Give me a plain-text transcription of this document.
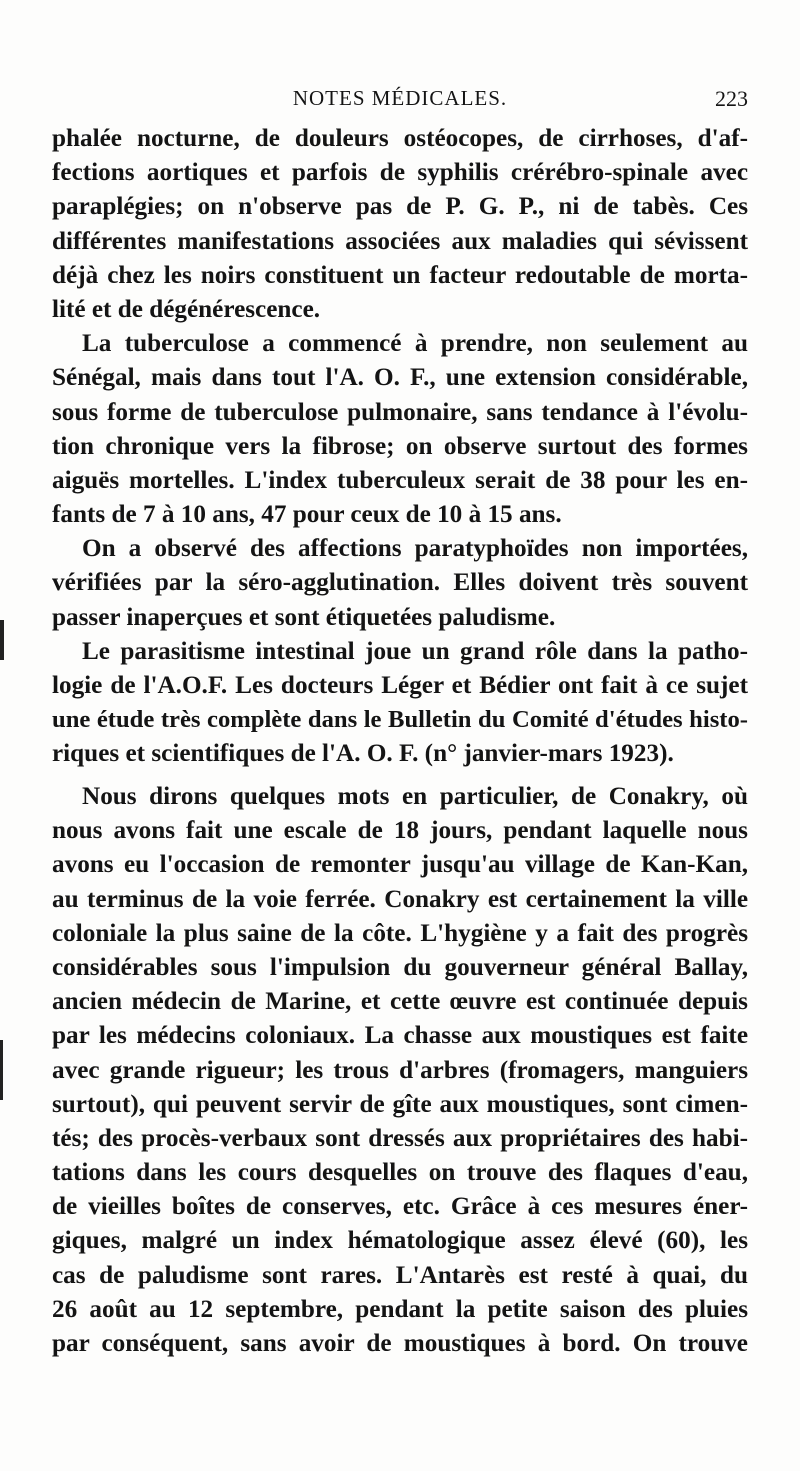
NOTES MÉDICALES.	223
phalée nocturne, de douleurs ostéocopes, de cirrhoses, d'af-
fections aortiques et parfois de syphilis crérébro-spinale avec
paraplégies; on n'observe pas de P. G. P., ni de tabès. Ces
différentes manifestations associées aux maladies qui sévissent
déjà chez les noirs constituent un facteur redoutable de morta-
lité et de dégénérescence.
La tuberculose a commencé à prendre, non seulement au
Sénégal, mais dans tout l'A. O. F., une extension considérable,
sous forme de tuberculose pulmonaire, sans tendance à l'évolu-
tion chronique vers la fibrose; on observe surtout des formes
aiguës mortelles. L'index tuberculeux serait de 38 pour les en-
fants de 7 à 10 ans, 47 pour ceux de 10 à 15 ans.
On a observé des affections paratyphoïdes non importées,
vérifiées par la séro-agglutination. Elles doivent très souvent
passer inaperçues et sont étiquetées paludisme.
Le parasitisme intestinal joue un grand rôle dans la patho-
logie de l'A.O.F. Les docteurs Léger et Bédier ont fait à ce sujet
une étude très complète dans le Bulletin du Comité d'études histo-
riques et scientifiques de l'A. O. F. (n° janvier-mars 1923).
Nous dirons quelques mots en particulier, de Conakry, où
nous avons fait une escale de 18 jours, pendant laquelle nous
avons eu l'occasion de remonter jusqu'au village de Kan-Kan,
au terminus de la voie ferrée. Conakry est certainement la ville
coloniale la plus saine de la côte. L'hygiène y a fait des progrès
considérables sous l'impulsion du gouverneur général Ballay,
ancien médecin de Marine, et cette œuvre est continuée depuis
par les médecins coloniaux. La chasse aux moustiques est faite
avec grande rigueur; les trous d'arbres (fromagers, manguiers
surtout), qui peuvent servir de gîte aux moustiques, sont cimen-
tés; des procès-verbaux sont dressés aux propriétaires des habi-
tations dans les cours desquelles on trouve des flaques d'eau,
de vieilles boîtes de conserves, etc. Grâce à ces mesures éner-
giques, malgré un index hématologique assez élevé (60), les
cas de paludisme sont rares. L'Antarès est resté à quai, du
26 août au 12 septembre, pendant la petite saison des pluies
par conséquent, sans avoir de moustiques à bord. On trouve
